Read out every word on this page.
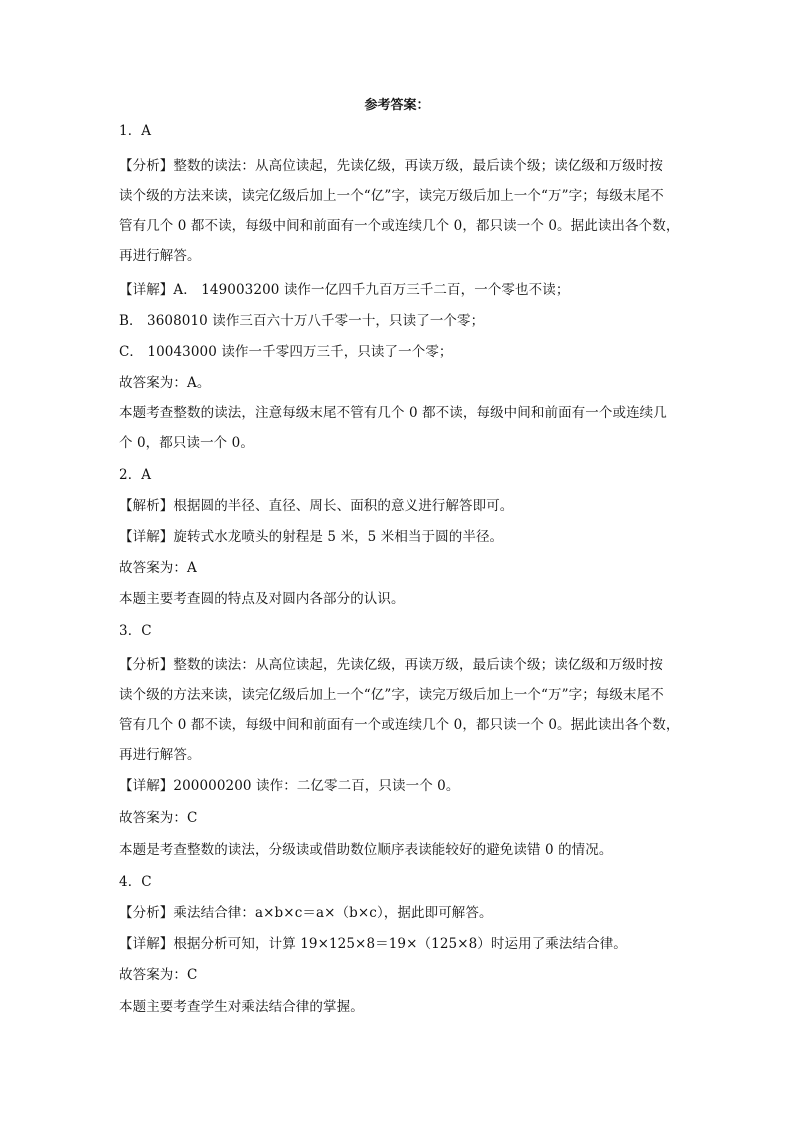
参考答案：
1．A
【分析】整数的读法：从高位读起，先读亿级，再读万级，最后读个级；读亿级和万级时按
读个级的方法来读，读完亿级后加上一个“亿”字，读完万级后加上一个“万”字；每级末尾不
管有几个 0 都不读，每级中间和前面有一个或连续几个 0，都只读一个 0。据此读出各个数，
再进行解答。
【详解】A． 149003200 读作一亿四千九百万三千二百，一个零也不读；
B． 3608010 读作三百六十万八千零一十，只读了一个零；
C． 10043000 读作一千零四万三千，只读了一个零；
故答案为：A。
本题考查整数的读法，注意每级末尾不管有几个 0 都不读，每级中间和前面有一个或连续几
个 0，都只读一个 0。
2．A
【解析】根据圆的半径、直径、周长、面积的意义进行解答即可。
【详解】旋转式水龙喷头的射程是 5 米，5 米相当于圆的半径。
故答案为：A
本题主要考查圆的特点及对圆内各部分的认识。
3．C
【分析】整数的读法：从高位读起，先读亿级，再读万级，最后读个级；读亿级和万级时按
读个级的方法来读，读完亿级后加上一个“亿”字，读完万级后加上一个“万”字；每级末尾不
管有几个 0 都不读，每级中间和前面有一个或连续几个 0，都只读一个 0。据此读出各个数，
再进行解答。
【详解】200000200 读作：二亿零二百，只读一个 0。
故答案为：C
本题是考查整数的读法，分级读或借助数位顺序表读能较好的避免读错 0 的情况。
4．C
【分析】乘法结合律：a×b×c＝a×（b×c），据此即可解答。
【详解】根据分析可知，计算 19×125×8＝19×（125×8）时运用了乘法结合律。
故答案为：C
本题主要考查学生对乘法结合律的掌握。
